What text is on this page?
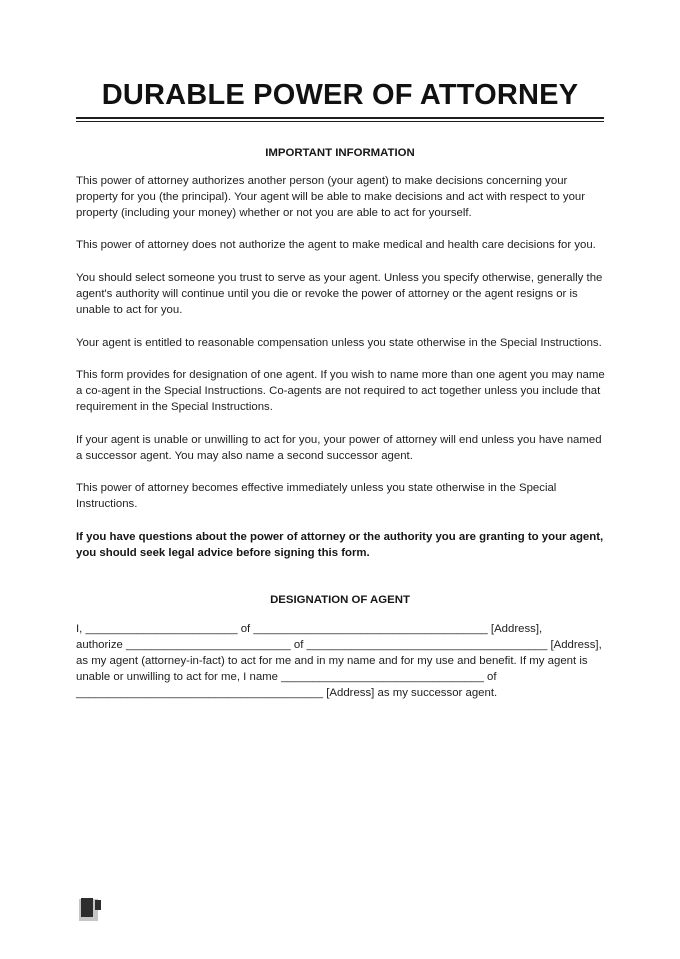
DURABLE POWER OF ATTORNEY
IMPORTANT INFORMATION

This power of attorney authorizes another person (your agent) to make decisions concerning your
property for you (the principal). Your agent will be able to make decisions and act with respect to your
property (including your money) whether or not you are able to act for yourself.

This power of attorney does not authorize the agent to make medical and health care decisions for you.

You should select someone you trust to serve as your agent. Unless you specify otherwise, generally the
agent's authority will continue until you die or revoke the power of attorney or the agent resigns or is
unable to act for you.

Your agent is entitled to reasonable compensation unless you state otherwise in the Special Instructions.

This form provides for designation of one agent. If you wish to name more than one agent you may name
a co-agent in the Special Instructions. Co-agents are not required to act together unless you include that
requirement in the Special Instructions.

If your agent is unable or unwilling to act for you, your power of attorney will end unless you have named
a successor agent. You may also name a second successor agent.

This power of attorney becomes effective immediately unless you state otherwise in the Special
Instructions.

If you have questions about the power of attorney or the authority you are granting to your agent,
you should seek legal advice before signing this form.

DESIGNATION OF AGENT
I, ________________________ of _____________________________________ [Address],
authorize __________________________ of ______________________________________ [Address],
as my agent (attorney-in-fact) to act for me and in my name and for my use and benefit. If my agent is
unable or unwilling to act for me, I name ________________________________ of
_______________________________________ [Address] as my successor agent.
